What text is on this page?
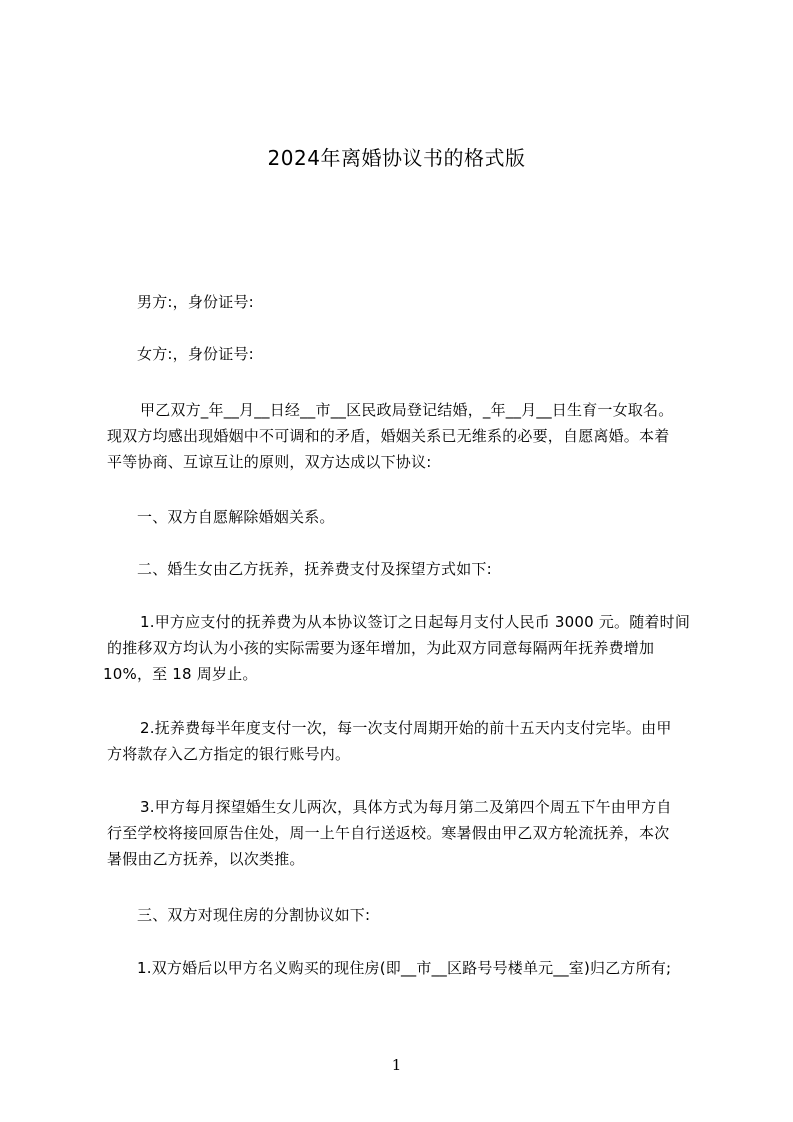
2024年离婚协议书的格式版
男方:，身份证号:
女方:，身份证号:
甲乙双方_年__月__日经__市__区民政局登记结婚，_年__月__日生育一女取名。
现双方均感出现婚姻中不可调和的矛盾，婚姻关系已无维系的必要，自愿离婚。本着
平等协商、互谅互让的原则，双方达成以下协议:
一、双方自愿解除婚姻关系。
二、婚生女由乙方抚养，抚养费支付及探望方式如下:
1.甲方应支付的抚养费为从本协议签订之日起每月支付人民币 3000 元。随着时间
的推移双方均认为小孩的实际需要为逐年增加，为此双方同意每隔两年抚养费增加
10%，至 18 周岁止。
2.抚养费每半年度支付一次，每一次支付周期开始的前十五天内支付完毕。由甲
方将款存入乙方指定的银行账号内。
3.甲方每月探望婚生女儿两次，具体方式为每月第二及第四个周五下午由甲方自
行至学校将接回原告住处，周一上午自行送返校。寒暑假由甲乙双方轮流抚养，本次
暑假由乙方抚养，以次类推。
三、双方对现住房的分割协议如下:
1.双方婚后以甲方名义购买的现住房(即__市__区路号号楼单元__室)归乙方所有;
1
